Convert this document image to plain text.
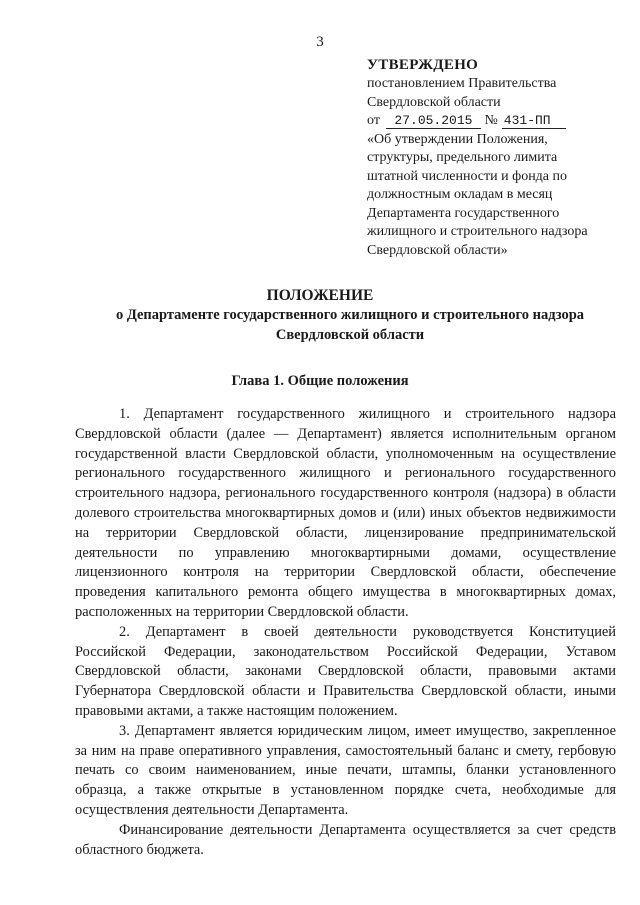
3
УТВЕРЖДЕНО
постановлением Правительства
Свердловской области
от 27.05.2015 № 431-ПП
«Об утверждении Положения,
структуры, предельного лимита
штатной численности и фонда по
должностным окладам в месяц
Департамента государственного
жилищного и строительного надзора
Свердловской области»
ПОЛОЖЕНИЕ
о Департаменте государственного жилищного и строительного надзора Свердловской области
Глава 1. Общие положения

1. Департамент государственного жилищного и строительного надзора Свердловской области (далее — Департамент) является исполнительным органом государственной власти Свердловской области, уполномоченным на осуществление регионального государственного жилищного и регионального государственного строительного надзора, регионального государственного контроля (надзора) в области долевого строительства многоквартирных домов и (или) иных объектов недвижимости на территории Свердловской области, лицензирование предпринимательской деятельности по управлению многоквартирными домами, осуществление лицензионного контроля на территории Свердловской области, обеспечение проведения капитального ремонта общего имущества в многоквартирных домах, расположенных на территории Свердловской области.

2. Департамент в своей деятельности руководствуется Конституцией Российской Федерации, законодательством Российской Федерации, Уставом Свердловской области, законами Свердловской области, правовыми актами Губернатора Свердловской области и Правительства Свердловской области, иными правовыми актами, а также настоящим положением.

3. Департамент является юридическим лицом, имеет имущество, закрепленное за ним на праве оперативного управления, самостоятельный баланс и смету, гербовую печать со своим наименованием, иные печати, штампы, бланки установленного образца, а также открытые в установленном порядке счета, необходимые для осуществления деятельности Департамента.

Финансирование деятельности Департамента осуществляется за счет средств областного бюджета.
